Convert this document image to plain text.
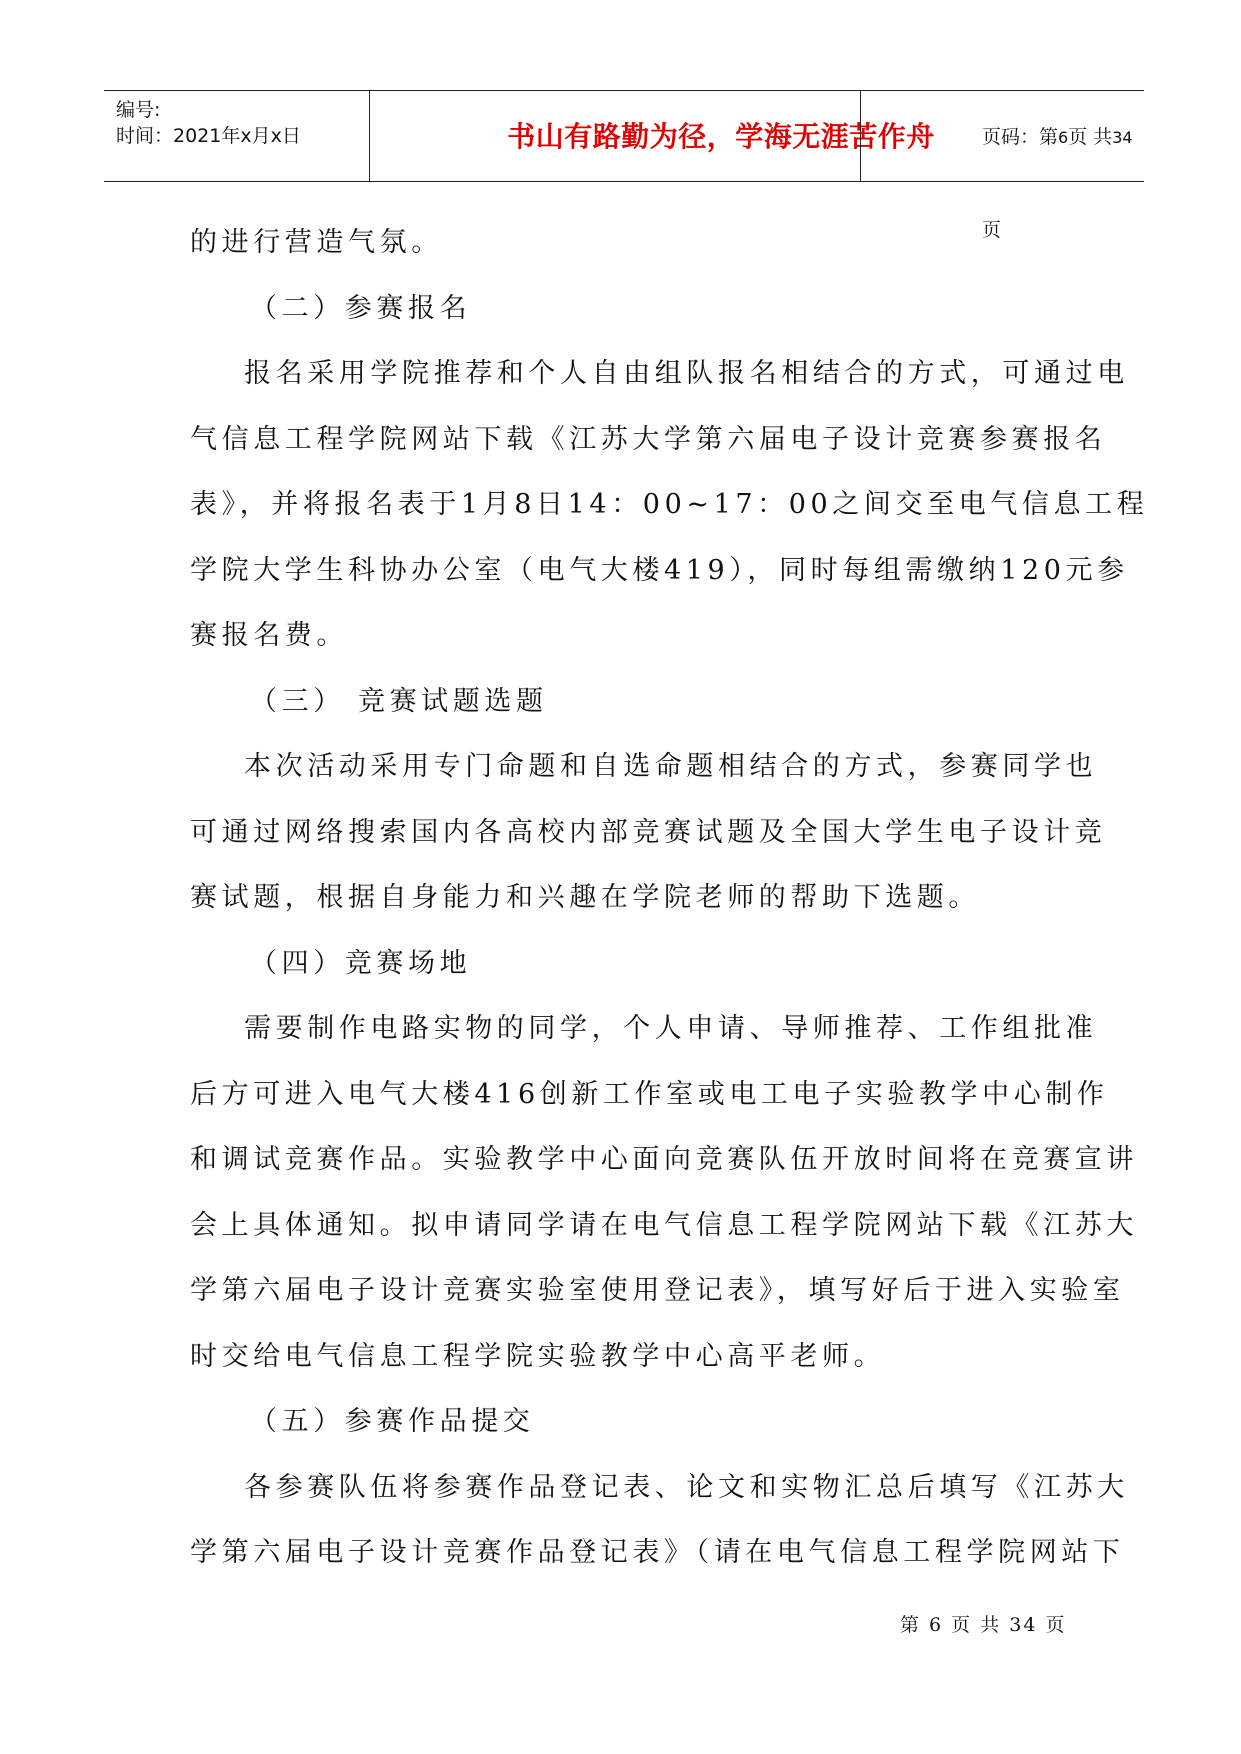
编号:
时间：2021年x月x日	书山有路勤为径，学海无涯苦作舟	页码：第6页 共34页

的进行营造气氛。

（二）参赛报名

报名采用学院推荐和个人自由组队报名相结合的方式，可通过电

气信息工程学院网站下载《江苏大学第六届电子设计竞赛参赛报名

表》，并将报名表于1月8日14：00~17：00之间交至电气信息工程

学院大学生科协办公室（电气大楼419），同时每组需缴纳120元参

赛报名费。

（三） 竞赛试题选题

本次活动采用专门命题和自选命题相结合的方式，参赛同学也

可通过网络搜索国内各高校内部竞赛试题及全国大学生电子设计竞

赛试题，根据自身能力和兴趣在学院老师的帮助下选题。

（四）竞赛场地

需要制作电路实物的同学，个人申请、导师推荐、工作组批准

后方可进入电气大楼416创新工作室或电工电子实验教学中心制作

和调试竞赛作品。实验教学中心面向竞赛队伍开放时间将在竞赛宣讲

会上具体通知。拟申请同学请在电气信息工程学院网站下载《江苏大

学第六届电子设计竞赛实验室使用登记表》，填写好后于进入实验室

时交给电气信息工程学院实验教学中心高平老师。

（五）参赛作品提交

各参赛队伍将参赛作品登记表、论文和实物汇总后填写《江苏大

学第六届电子设计竞赛作品登记表》（请在电气信息工程学院网站下

第 6 页 共 34 页
